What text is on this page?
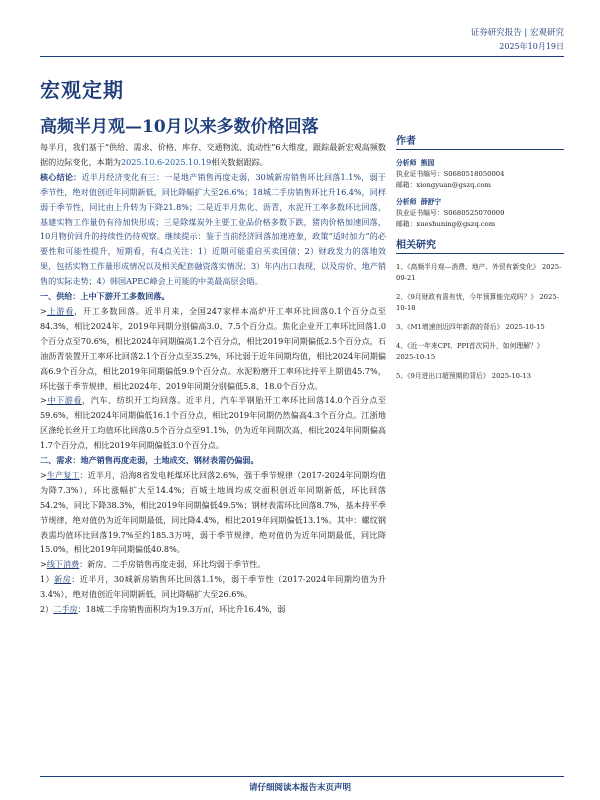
证券研究报告 | 宏观研究
2025年10月19日
宏观定期
高频半月观—10月以来多数价格回落

每半月，我们基于“供给、需求、价格、库存、交通物流、流动性”6大维度，跟踪最新宏观高频数据的边际变化，本期为2025.10.6-2025.10.19相关数据跟踪。

核心结论：近半月经济变化有三：一是地产销售再度走弱，30城新房销售环比回落1.1%，弱于季节性，绝对值创近年同期新低，同比降幅扩大至26.6%；18城二手房销售环比升16.4%，同样弱于季节性，同比由上升转为下降21.8%；二是近半月焦化、沥青，水泥开工率多数环比回落，基建实物工作量仍有待加快形成；三是除煤炭外主要工业品价格多数下跌，猪肉价格加速回落，10月物价回升的持续性仍待观察。继续提示：鉴于当前经济回落加速迹象，政策“适时加力”的必要性和可能性提升，短期看，有4点关注：1）近期可能重启买卖国债；2）财政发力的落地效果，包括实物工作量形成情况以及相关配套融资落实情况；3）年内出口表现，以及房价、地产销售的实际走势；4）韩国APEC峰会上可能的中美最高层会晤。

一、供给：上中下游开工多数回落。

>上游看，开工多数回落。近半月来，全国247家样本高炉开工率环比回落0.1个百分点至84.3%，相比2024年，2019年同期分别偏高3.0、7.5个百分点。焦化企业开工率环比回落1.0个百分点至70.6%，相比2024年同期偏高1.2个百分点，相比2019年同期偏低2.5个百分点，石油沥青装置开工率环比回落2.1个百分点至35.2%，环比弱于近年同期均值，相比2024年同期偏高6.9个百分点，相比2019年同期偏低9.9个百分点。水泥粉磨开工率环比持平上期值45.7%，环比强于季节规律，相比2024年、2019年同期分别偏低5.8、18.0个百分点。

>中下游看，汽车、纺织开工均回落。近半月，汽车半钢胎开工率环比回落14.0个百分点至59.6%，相比2024年同期偏低16.1个百分点，相比2019年同期仍然偏高4.3个百分点。江浙地区涤纶长丝开工均值环比回落0.5个百分点至91.1%，仍为近年同期次高，相比2024年同期偏高1.7个百分点，相比2019年同期偏低3.0个百分点。

二、需求：地产销售再度走弱，土地成交、钢材表需仍偏弱。

>生产复工：近半月，沿海8省发电耗煤环比回落2.6%，强于季节规律（2017-2024年同期均值为降7.3%），环比涨幅扩大至14.4%；百城土地周均成交面积创近年同期新低，环比回落54.2%，同比下降38.3%，相比2019年同期偏低49.5%；钢材表需环比回落8.7%，基本持平季节规律，绝对值仍为近年同期最低，同比降4.4%，相比2019年同期偏低13.1%。其中：螺纹钢表需均值环比回落19.7%至约185.3万吨，弱于季节规律，绝对值仍为近年同期最低，同比降15.0%，相比2019年同期偏低40.8%。

>线下消费：新房、二手房销售再度走弱，环比均弱于季节性。

1）新房：近半月，30城新房销售环比回落1.1%，弱于季节性（2017-2024年同期均值为升3.4%），绝对值创近年同期新低，同比降幅扩大至26.6%。

2）二手房：18城二手房销售面积均为19.3万㎡，环比升16.4%，弱

作者
分析师 熊园
执业证书编号：S0680518050004
邮箱：xiongyuan@gszq.com
分析师 薛舒宁
执业证书编号：S0680525070009
邮箱：xueshuning@gszq.com
相关研究
1、《高频半月观—消费、地产、外贸有新变化》 2025-09-21
2、《9月财政有喜有忧，今年预算能完成吗？》 2025-10-18
3、《M1增速创近四年新高的背后》 2025-10-15
4、《近一年来CPI、PPI首次同升，如何理解？》 2025-10-15
5、《9月进出口超预期的背后》 2025-10-13
请仔细阅读本报告末页声明
